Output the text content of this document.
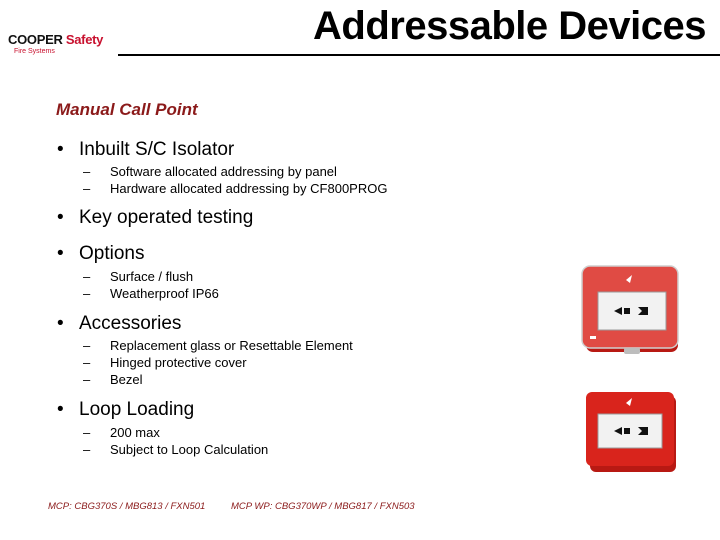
COOPER Safety
Fire Systems
Addressable Devices
Manual Call Point
• Inbuilt S/C Isolator
– Software allocated addressing by panel
– Hardware allocated addressing by CF800PROG
• Key operated testing
• Options
– Surface / flush
– Weatherproof IP66
• Accessories
– Replacement glass or Resettable Element
– Hinged protective cover
– Bezel
• Loop Loading
– 200 max
– Subject to Loop Calculation
MCP: CBG370S / MBG813 / FXN501	MCP WP: CBG370WP / MBG817 / FXN503
